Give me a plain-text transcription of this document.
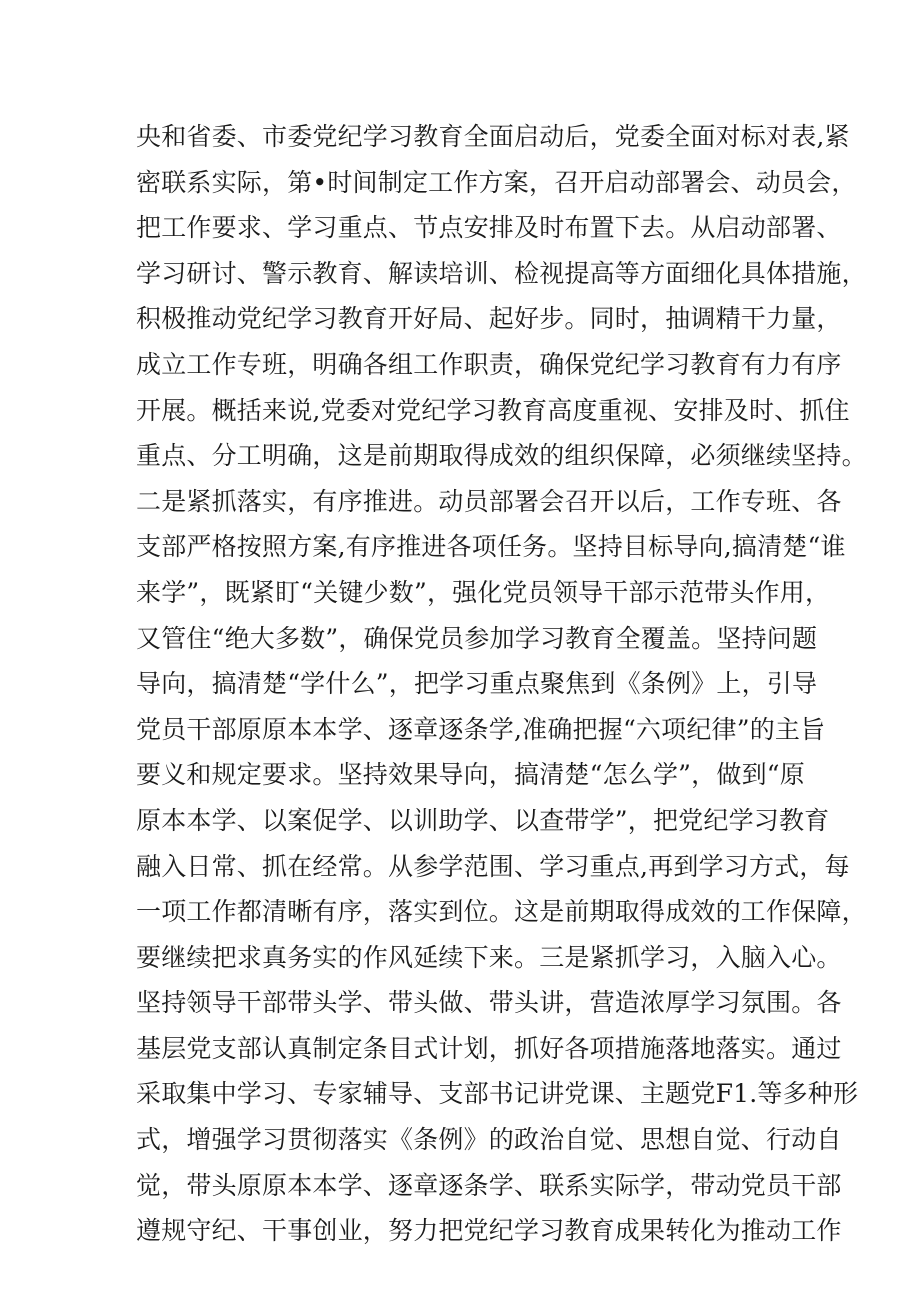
央和省委、市委党纪学习教育全面启动后，党委全面对标对表,紧
密联系实际，第•时间制定工作方案，召开启动部署会、动员会，
把工作要求、学习重点、节点安排及时布置下去。从启动部署、
学习研讨、警示教育、解读培训、检视提高等方面细化具体措施，
积极推动党纪学习教育开好局、起好步。同时，抽调精干力量，
成立工作专班，明确各组工作职责，确保党纪学习教育有力有序
开展。概括来说,党委对党纪学习教育高度重视、安排及时、抓住
重点、分工明确，这是前期取得成效的组织保障，必须继续坚持。
二是紧抓落实，有序推进。动员部署会召开以后，工作专班、各
支部严格按照方案,有序推进各项任务。坚持目标导向,搞清楚“谁
来学”，既紧盯“关键少数”，强化党员领导干部示范带头作用，
又管住“绝大多数”，确保党员参加学习教育全覆盖。坚持问题
导向，搞清楚“学什么”，把学习重点聚焦到《条例》上，引导
党员干部原原本本学、逐章逐条学,准确把握“六项纪律”的主旨
要义和规定要求。坚持效果导向，搞清楚“怎么学”，做到“原
原本本学、以案促学、以训助学、以查带学”，把党纪学习教育
融入日常、抓在经常。从参学范围、学习重点,再到学习方式，每
一项工作都清晰有序，落实到位。这是前期取得成效的工作保障，
要继续把求真务实的作风延续下来。三是紧抓学习，入脑入心。
坚持领导干部带头学、带头做、带头讲，营造浓厚学习氛围。各
基层党支部认真制定条目式计划，抓好各项措施落地落实。通过
采取集中学习、专家辅导、支部书记讲党课、主题党F1.等多种形
式，增强学习贯彻落实《条例》的政治自觉、思想自觉、行动自
觉，带头原原本本学、逐章逐条学、联系实际学，带动党员干部
遵规守纪、干事创业，努力把党纪学习教育成果转化为推动工作
